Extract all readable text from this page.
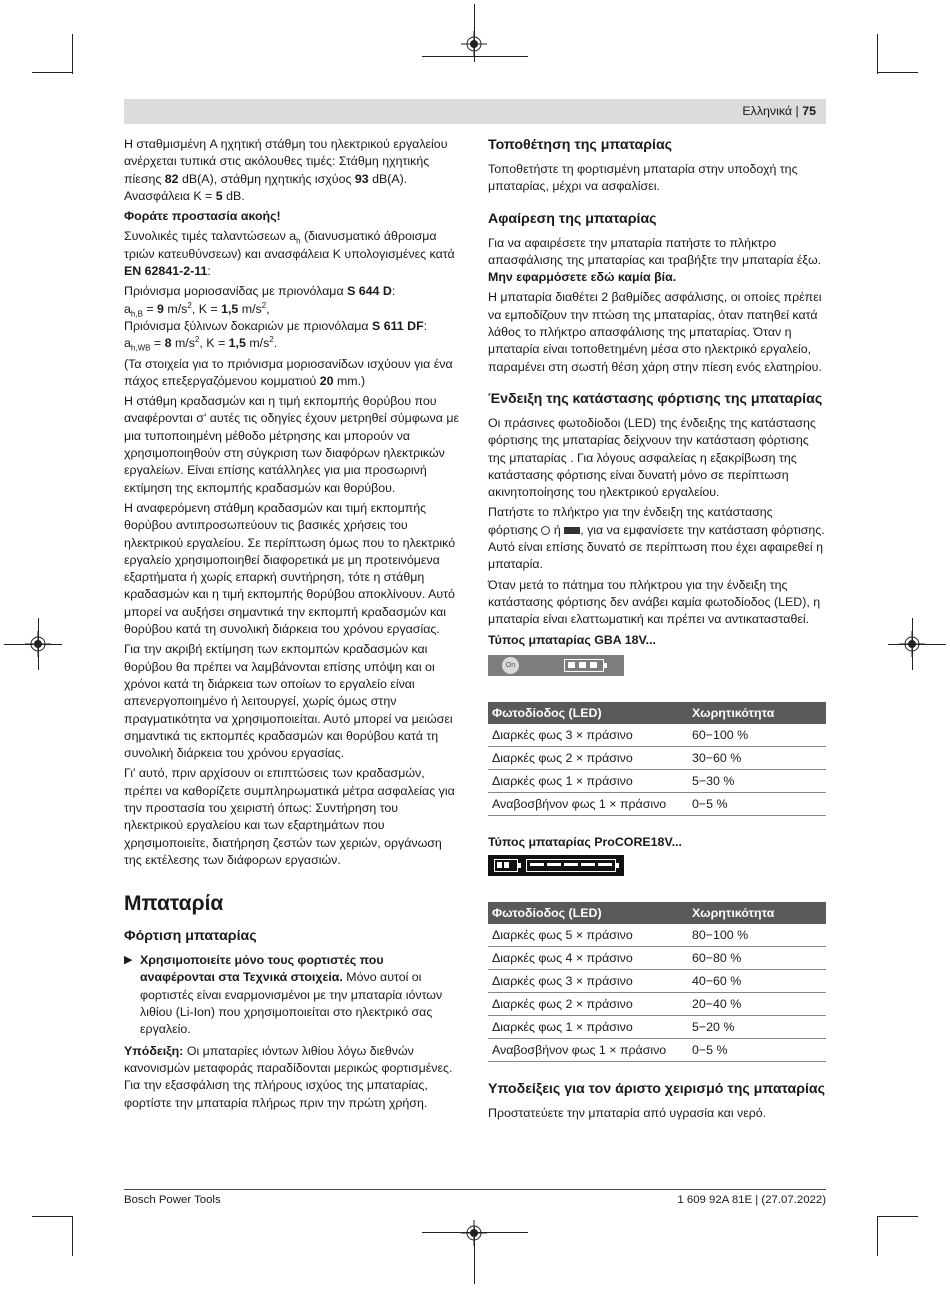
Ελληνικά | 75

Η σταθμισμένη A ηχητική στάθμη του ηλεκτρικού εργαλείου ανέρχεται τυπικά στις ακόλουθες τιμές: Στάθμη ηχητικής πίεσης 82 dB(A), στάθμη ηχητικής ισχύος 93 dB(A). Ανασφάλεια K = 5 dB.

Φοράτε προστασία ακοής!

Συνολικές τιμές ταλαντώσεων $a_h$ (διανυσματικό άθροισμα τριών κατευθύνσεων) και ανασφάλεια K υπολογισμένες κατά EN 62841-2-11:

Πριόνισμα μοριοσανίδας με πριονόλαμα S 644 D:
$a_{h,B} = 9$ $m/s^2$, K = 1,5 $m/s^2$,

Πριόνισμα ξύλινων δοκαριών με πριονόλαμα S 611 DF:
$a_{h,WB} = 8$ $m/s^2$, K = 1,5 $m/s^2$.

(Τα στοιχεία για το πριόνισμα μοριοσανίδων ισχύουν για ένα πάχος επεξεργαζόμενου κομματιού 20 mm.)

Η στάθμη κραδασμών και η τιμή εκπομπής θορύβου που αναφέρονται σ' αυτές τις οδηγίες έχουν μετρηθεί σύμφωνα με μια τυποποιημένη μέθοδο μέτρησης και μπορούν να χρησιμοποιηθούν στη σύγκριση των διαφόρων ηλεκτρικών εργαλείων. Είναι επίσης κατάλληλες για μια προσωρινή εκτίμηση της εκπομπής κραδασμών και θορύβου.

Η αναφερόμενη στάθμη κραδασμών και τιμή εκπομπής θορύβου αντιπροσωπεύουν τις βασικές χρήσεις του ηλεκτρικού εργαλείου. Σε περίπτωση όμως που το ηλεκτρικό εργαλείο χρησιμοποιηθεί διαφορετικά με μη προτεινόμενα εξαρτήματα ή χωρίς επαρκή συντήρηση, τότε η στάθμη κραδασμών και η τιμή εκπομπής θορύβου αποκλίνουν. Αυτό μπορεί να αυξήσει σημαντικά την εκπομπή κραδασμών και θορύβου κατά τη συνολική διάρκεια του χρόνου εργασίας.

Για την ακριβή εκτίμηση των εκπομπών κραδασμών και θορύβου θα πρέπει να λαμβάνονται επίσης υπόψη και οι χρόνοι κατά τη διάρκεια των οποίων το εργαλείο είναι απενεργοποιημένο ή λειτουργεί, χωρίς όμως στην πραγματικότητα να χρησιμοποιείται. Αυτό μπορεί να μειώσει σημαντικά τις εκπομπές κραδασμών και θορύβου κατά τη συνολική διάρκεια του χρόνου εργασίας.

Γι' αυτό, πριν αρχίσουν οι επιπτώσεις των κραδασμών, πρέπει να καθορίζετε συμπληρωματικά μέτρα ασφαλείας για την προστασία του χειριστή όπως: Συντήρηση του ηλεκτρικού εργαλείου και των εξαρτημάτων που χρησιμοποιείτε, διατήρηση ζεστών των χεριών, οργάνωση της εκτέλεσης των διάφορων εργασιών.

Μπαταρία
Φόρτιση μπαταρίας
▶ Χρησιμοποιείτε μόνο τους φορτιστές που αναφέρονται στα Τεχνικά στοιχεία. Μόνο αυτοί οι φορτιστές είναι εναρμονισμένοι με την μπαταρία ιόντων λιθίου (Li-Ion) που χρησιμοποιείται στο ηλεκτρικό σας εργαλείο.

Υπόδειξη: Οι μπαταρίες ιόντων λιθίου λόγω διεθνών κανονισμών μεταφοράς παραδίδονται μερικώς φορτισμένες. Για την εξασφάλιση της πλήρους ισχύος της μπαταρίας, φορτίστε την μπαταρία πλήρως πριν την πρώτη χρήση.

Τοποθέτηση της μπαταρίας

Τοποθετήστε τη φορτισμένη μπαταρία στην υποδοχή της μπαταρίας, μέχρι να ασφαλίσει.

Αφαίρεση της μπαταρίας

Για να αφαιρέσετε την μπαταρία πατήστε το πλήκτρο απασφάλισης της μπαταρίας και τραβήξτε την μπαταρία έξω. Μην εφαρμόσετε εδώ καμία βία.

Η μπαταρία διαθέτει 2 βαθμίδες ασφάλισης, οι οποίες πρέπει να εμποδίζουν την πτώση της μπαταρίας, όταν πατηθεί κατά λάθος το πλήκτρο απασφάλισης της μπαταρίας. Όταν η μπαταρία είναι τοποθετημένη μέσα στο ηλεκτρικό εργαλείο, παραμένει στη σωστή θέση χάρη στην πίεση ενός ελατηρίου.

Ένδειξη της κατάστασης φόρτισης της μπαταρίας

Οι πράσινες φωτοδίοδοι (LED) της ένδειξης της κατάστασης φόρτισης της μπαταρίας δείχνουν την κατάσταση φόρτισης της μπαταρίας . Για λόγους ασφαλείας η εξακρίβωση της κατάστασης φόρτισης είναι δυνατή μόνο σε περίπτωση ακινητοποίησης του ηλεκτρικού εργαλείου.

Πατήστε το πλήκτρο για την ένδειξη της κατάστασης φόρτισης  ή , για να εμφανίσετε την κατάσταση φόρτισης. Αυτό είναι επίσης δυνατό σε περίπτωση που έχει αφαιρεθεί η μπαταρία.

Όταν μετά το πάτημα του πλήκτρου για την ένδειξη της κατάστασης φόρτισης δεν ανάβει καμία φωτοδίοδος (LED), η μπαταρία είναι ελαττωματική και πρέπει να αντικατασταθεί.

Τύπος μπαταρίας GBA 18V...

On
Φωτοδίοδος (LED)	Χωρητικότητα
Διαρκές φως 3 × πράσινο	60−100 %
Διαρκές φως 2 × πράσινο	30−60 %
Διαρκές φως 1 × πράσινο	5−30 %
Αναβοσβήνον φως 1 × πράσινο	0−5 %

Τύπος μπαταρίας ProCORE18V...

Φωτοδίοδος (LED)	Χωρητικότητα
Διαρκές φως 5 × πράσινο	80−100 %
Διαρκές φως 4 × πράσινο	60−80 %
Διαρκές φως 3 × πράσινο	40−60 %
Διαρκές φως 2 × πράσινο	20−40 %
Διαρκές φως 1 × πράσινο	5−20 %
Αναβοσβήνον φως 1 × πράσινο	0−5 %
Υποδείξεις για τον άριστο χειρισμό της μπαταρίας

Προστατεύετε την μπαταρία από υγρασία και νερό.

Bosch Power Tools	1 609 92A 81E | (27.07.2022)
